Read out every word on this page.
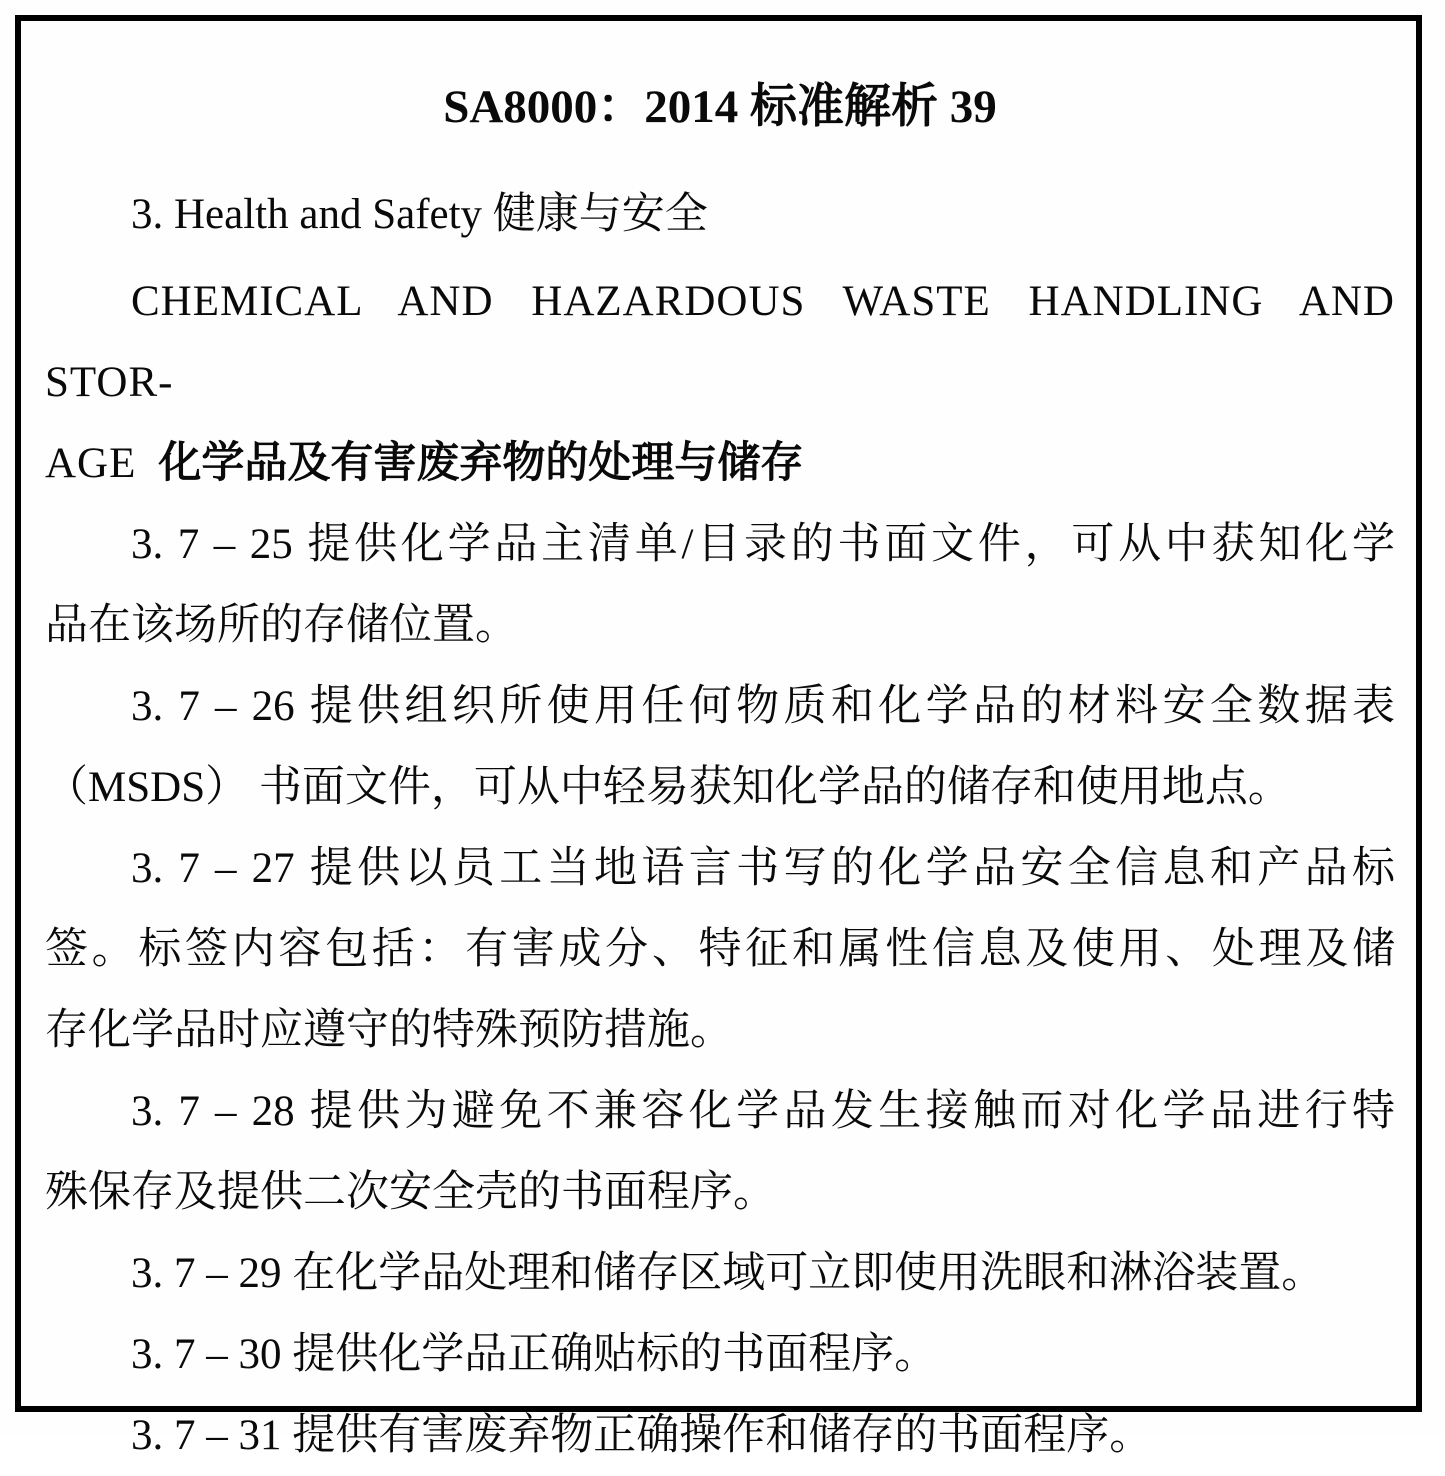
SA8000：2014 标准解析 39
3. Health and Safety 健康与安全
CHEMICAL AND HAZARDOUS WASTE HANDLING AND STOR-
AGE 化学品及有害废弃物的处理与储存
3. 7 – 25 提供化学品主清单/目录的书面文件，可从中获知化学
品在该场所的存储位置。
3. 7 – 26 提供组织所使用任何物质和化学品的材料安全数据表
（MSDS） 书面文件，可从中轻易获知化学品的储存和使用地点。
3. 7 – 27 提供以员工当地语言书写的化学品安全信息和产品标
签。标签内容包括：有害成分、特征和属性信息及使用、处理及储
存化学品时应遵守的特殊预防措施。
3. 7 – 28 提供为避免不兼容化学品发生接触而对化学品进行特
殊保存及提供二次安全壳的书面程序。
3. 7 – 29 在化学品处理和储存区域可立即使用洗眼和淋浴装置。
3. 7 – 30 提供化学品正确贴标的书面程序。
3. 7 – 31 提供有害废弃物正确操作和储存的书面程序。
